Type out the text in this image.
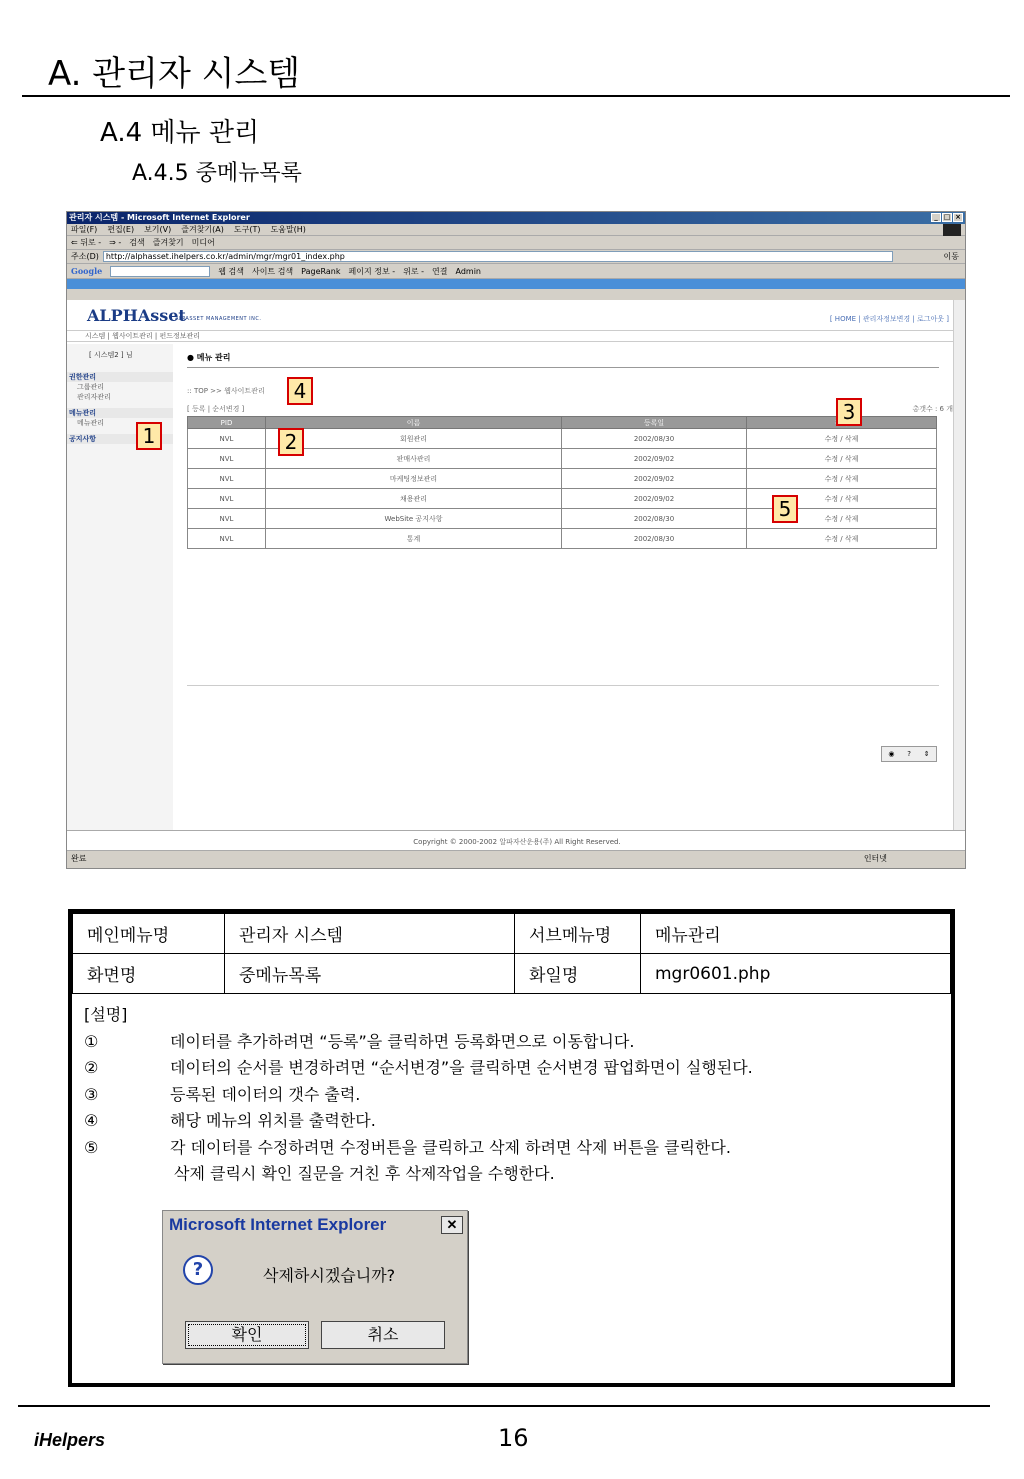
A. 관리자 시스템
A.4 메뉴 관리
A.4.5 중메뉴목록
관리자 시스템 - Microsoft Internet Explorer	_ □ ×
파일(F) 편집(E) 보기(V) 즐겨찾기(A) 도구(T) 도움말(H)
⇐ 뒤로 - ⇒ - 검색 즐겨찾기 미디어
주소(D) http://alphasset.ihelpers.co.kr/admin/mgr/mgr01_index.php	이동
Google	웹 검색 사이트 검색 PageRank 페이지 정보 - 위로 - 연결 Admin
ALPHAsset
ALPASSET MANAGEMENT INC.	[ HOME | 관리자정보변경 | 로그아웃 ]
시스템 | 웹사이트관리 | 펀드정보관리
[ 시스템2 ] 님
권한관리
그룹관리
관리자관리
메뉴관리
메뉴관리
공지사항
● 메뉴 관리
:: TOP >> 웹사이트관리
[ 등록 | 순서변경 ]	총갯수 : 6 개
PID	이름	등록일	
NVL	회원관리	2002/08/30	수정 / 삭제
NVL	판매사관리	2002/09/02	수정 / 삭제
NVL	마케팅정보관리	2002/09/02	수정 / 삭제
NVL	채용관리	2002/09/02	수정 / 삭제
NVL	WebSite 공지사항	2002/08/30	수정 / 삭제
NVL	통계	2002/08/30	수정 / 삭제
◉ ? ⇕
Copyright © 2000-2002 알파자산운용(주) All Right Reserved.
완료	인터넷
1	2
3
4
5
메인메뉴명	관리자 시스템	서브메뉴명	메뉴관리
화면명	중메뉴목록	화일명	mgr0601.php
[설명]
①	데이터를 추가하려면 “등록”을 클릭하면 등록화면으로 이동합니다.
②	데이터의 순서를 변경하려면 “순서변경”을 클릭하면 순서변경 팝업화면이 실행된다.
③	등록된 데이터의 갯수 출력.
④	해당 메뉴의 위치를 출력한다.
⑤	각 데이터를 수정하려면 수정버튼을 클릭하고 삭제 하려면 삭제 버튼을 클릭한다.
삭제 클릭시 확인 질문을 거친 후 삭제작업을 수행한다.
Microsoft Internet Explorer	✕
?	삭제하시겠습니까?
확인	취소
iHelpers	16
